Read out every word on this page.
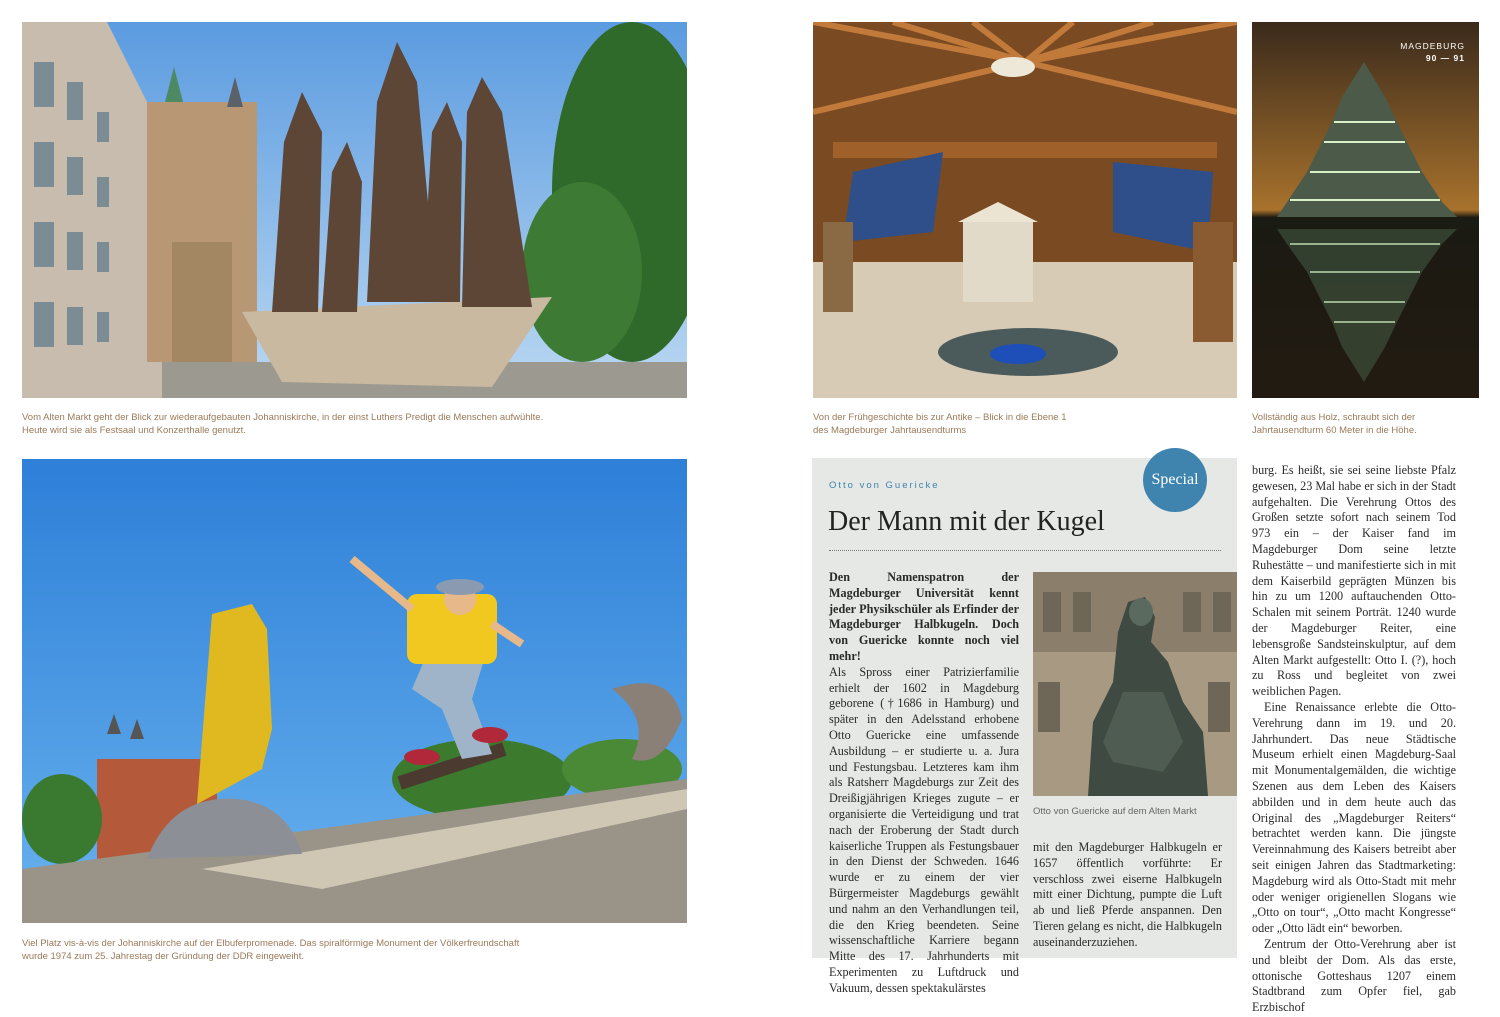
Vom Alten Markt geht der Blick zur wiederaufgebauten Johanniskirche, in der einst Luthers Predigt die Menschen aufwühlte.
Heute wird sie als Festsaal und Konzerthalle genutzt.
Von der Frühgeschichte bis zur Antike – Blick in die Ebene 1
des Magdeburger Jahrtausendturms
MAGDEBURG
90 — 91
Vollständig aus Holz, schraubt sich der
Jahrtausendturm 60 Meter in die Höhe.
Viel Platz vis-à-vis der Johanniskirche auf der Elbuferpromenade. Das spiralförmige Monument der Völkerfreundschaft
wurde 1974 zum 25. Jahrestag der Gründung der DDR eingeweiht.
Special
Otto von Guericke
Der Mann mit der Kugel

Den Namenspatron der Magdeburger Universität kennt jeder Physikschüler als Erfinder der Magdeburger Halbkugeln. Doch von Guericke konnte noch viel mehr!

Als Spross einer Patrizierfamilie erhielt der 1602 in Magdeburg geborene (†1686 in Hamburg) und später in den Adelsstand erhobene Otto Guericke eine umfassende Ausbildung – er studierte u. a. Jura und Festungsbau. Letzteres kam ihm als Ratsherr Magdeburgs zur Zeit des Dreißigjährigen Krieges zugute – er organisierte die Verteidigung und trat nach der Eroberung der Stadt durch kaiserliche Truppen als Festungsbauer in den Dienst der Schweden. 1646 wurde er zu einem der vier Bürgermeister Magdeburgs gewählt und nahm an den Verhandlungen teil, die den Krieg beendeten. Seine wissenschaftliche Karriere begann Mitte des 17. Jahrhunderts mit Experimenten zu Luftdruck und Vakuum, dessen spektakulärstes

Otto von Guericke auf dem Alten Markt

mit den Magdeburger Halbkugeln er 1657 öffentlich vorführte: Er verschloss zwei eiserne Halbkugeln mitt einer Dichtung, pumpte die Luft ab und ließ Pferde anspannen. Den Tieren gelang es nicht, die Halbkugeln auseinanderzuziehen.

burg. Es heißt, sie sei seine liebste Pfalz gewesen, 23 Mal habe er sich in der Stadt aufgehalten. Die Verehrung Ottos des Großen setzte sofort nach seinem Tod 973 ein – der Kaiser fand im Magdeburger Dom seine letzte Ruhestätte – und manifestierte sich in mit dem Kaiserbild geprägten Münzen bis hin zu um 1200 auftauchenden Otto-Schalen mit seinem Porträt. 1240 wurde der Magdeburger Reiter, eine lebensgroße Sandsteinskulptur, auf dem Alten Markt aufgestellt: Otto I. (?), hoch zu Ross und begleitet von zwei weiblichen Pagen.

Eine Renaissance erlebte die Otto-Verehrung dann im 19. und 20. Jahrhundert. Das neue Städtische Museum erhielt einen Magdeburg-Saal mit Monumentalgemälden, die wichtige Szenen aus dem Leben des Kaisers abbilden und in dem heute auch das Original des „Magdeburger Reiters“ betrachtet werden kann. Die jüngste Vereinnahmung des Kaisers betreibt aber seit einigen Jahren das Stadtmarketing: Magdeburg wird als Otto-Stadt mit mehr oder weniger origienellen Slogans wie „Otto on tour“, „Otto macht Kongresse“ oder „Otto lädt ein“ beworben.

Zentrum der Otto-Verehrung aber ist und bleibt der Dom. Als das erste, ottonische Gotteshaus 1207 einem Stadtbrand zum Opfer fiel, gab Erzbischof
